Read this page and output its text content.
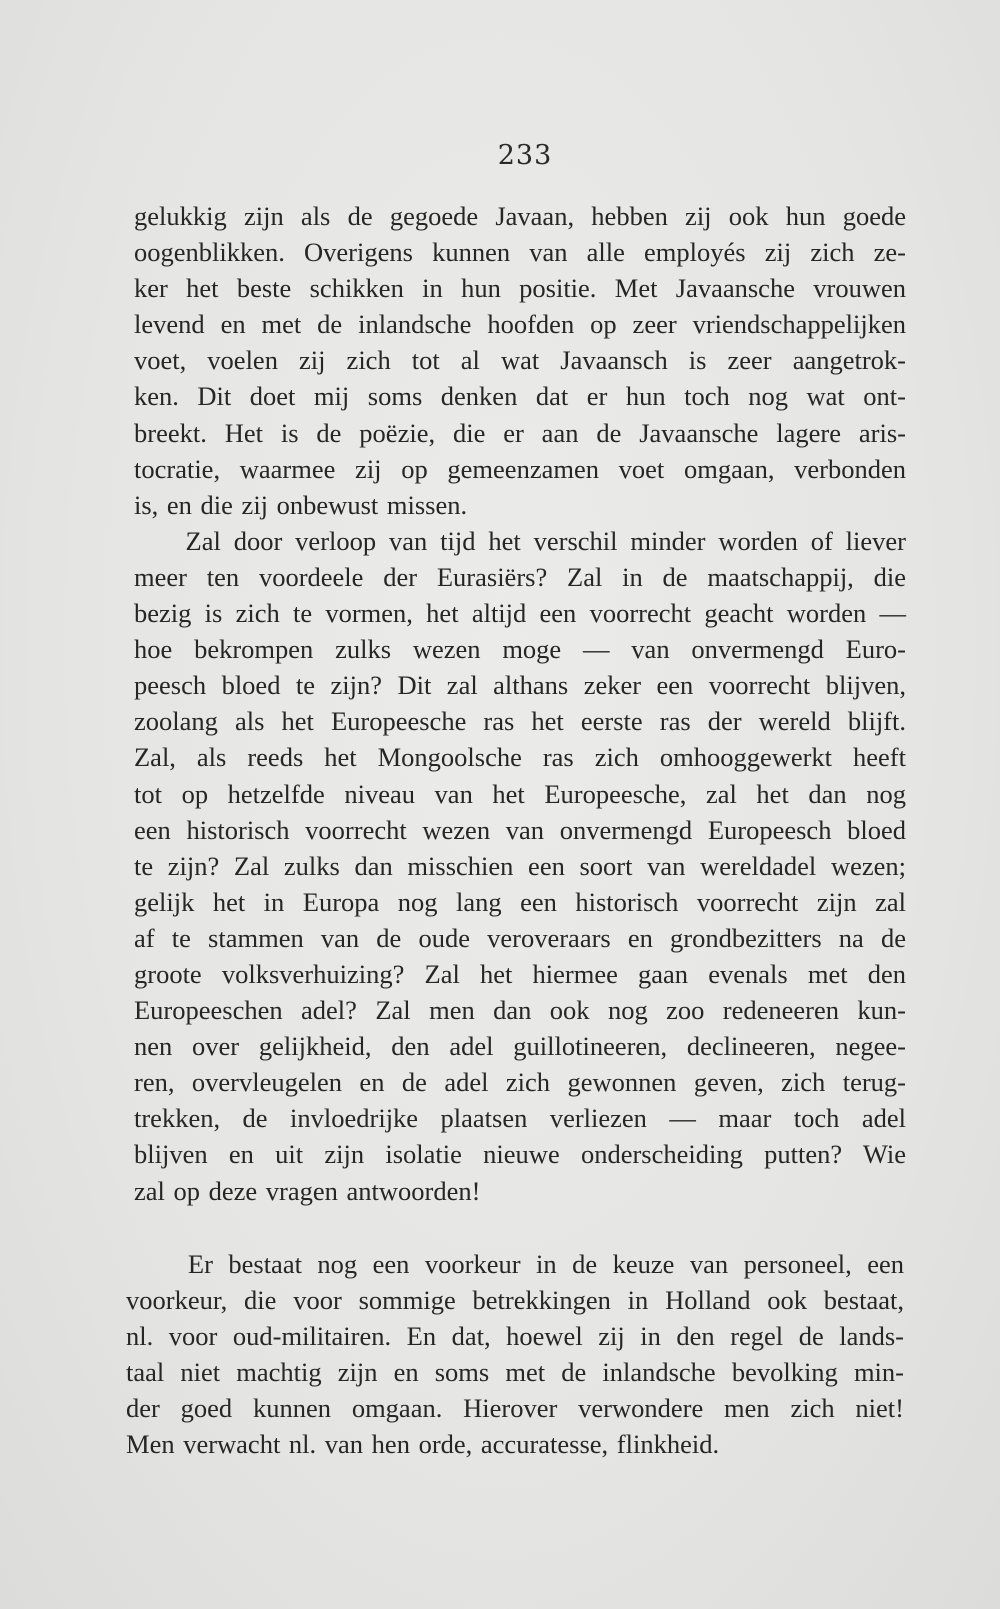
233
gelukkig zijn als de gegoede Javaan, hebben zij ook hun goede
oogenblikken. Overigens kunnen van alle employés zij zich ze-
ker het beste schikken in hun positie. Met Javaansche vrouwen
levend en met de inlandsche hoofden op zeer vriendschappelijken
voet, voelen zij zich tot al wat Javaansch is zeer aangetrok-
ken. Dit doet mij soms denken dat er hun toch nog wat ont-
breekt. Het is de poëzie, die er aan de Javaansche lagere aris-
tocratie, waarmee zij op gemeenzamen voet omgaan, verbonden
is, en die zij onbewust missen.
Zal door verloop van tijd het verschil minder worden of liever
meer ten voordeele der Eurasiërs? Zal in de maatschappij, die
bezig is zich te vormen, het altijd een voorrecht geacht worden —
hoe bekrompen zulks wezen moge — van onvermengd Euro-
peesch bloed te zijn? Dit zal althans zeker een voorrecht blijven,
zoolang als het Europeesche ras het eerste ras der wereld blijft.
Zal, als reeds het Mongoolsche ras zich omhooggewerkt heeft
tot op hetzelfde niveau van het Europeesche, zal het dan nog
een historisch voorrecht wezen van onvermengd Europeesch bloed
te zijn? Zal zulks dan misschien een soort van wereldadel wezen;
gelijk het in Europa nog lang een historisch voorrecht zijn zal
af te stammen van de oude veroveraars en grondbezitters na de
groote volksverhuizing? Zal het hiermee gaan evenals met den
Europeeschen adel? Zal men dan ook nog zoo redeneeren kun-
nen over gelijkheid, den adel guillotineeren, declineeren, negee-
ren, overvleugelen en de adel zich gewonnen geven, zich terug-
trekken, de invloedrijke plaatsen verliezen — maar toch adel
blijven en uit zijn isolatie nieuwe onderscheiding putten? Wie
zal op deze vragen antwoorden!
Er bestaat nog een voorkeur in de keuze van personeel, een
voorkeur, die voor sommige betrekkingen in Holland ook bestaat,
nl. voor oud-militairen. En dat, hoewel zij in den regel de lands-
taal niet machtig zijn en soms met de inlandsche bevolking min-
der goed kunnen omgaan. Hierover verwondere men zich niet!
Men verwacht nl. van hen orde, accuratesse, flinkheid.
